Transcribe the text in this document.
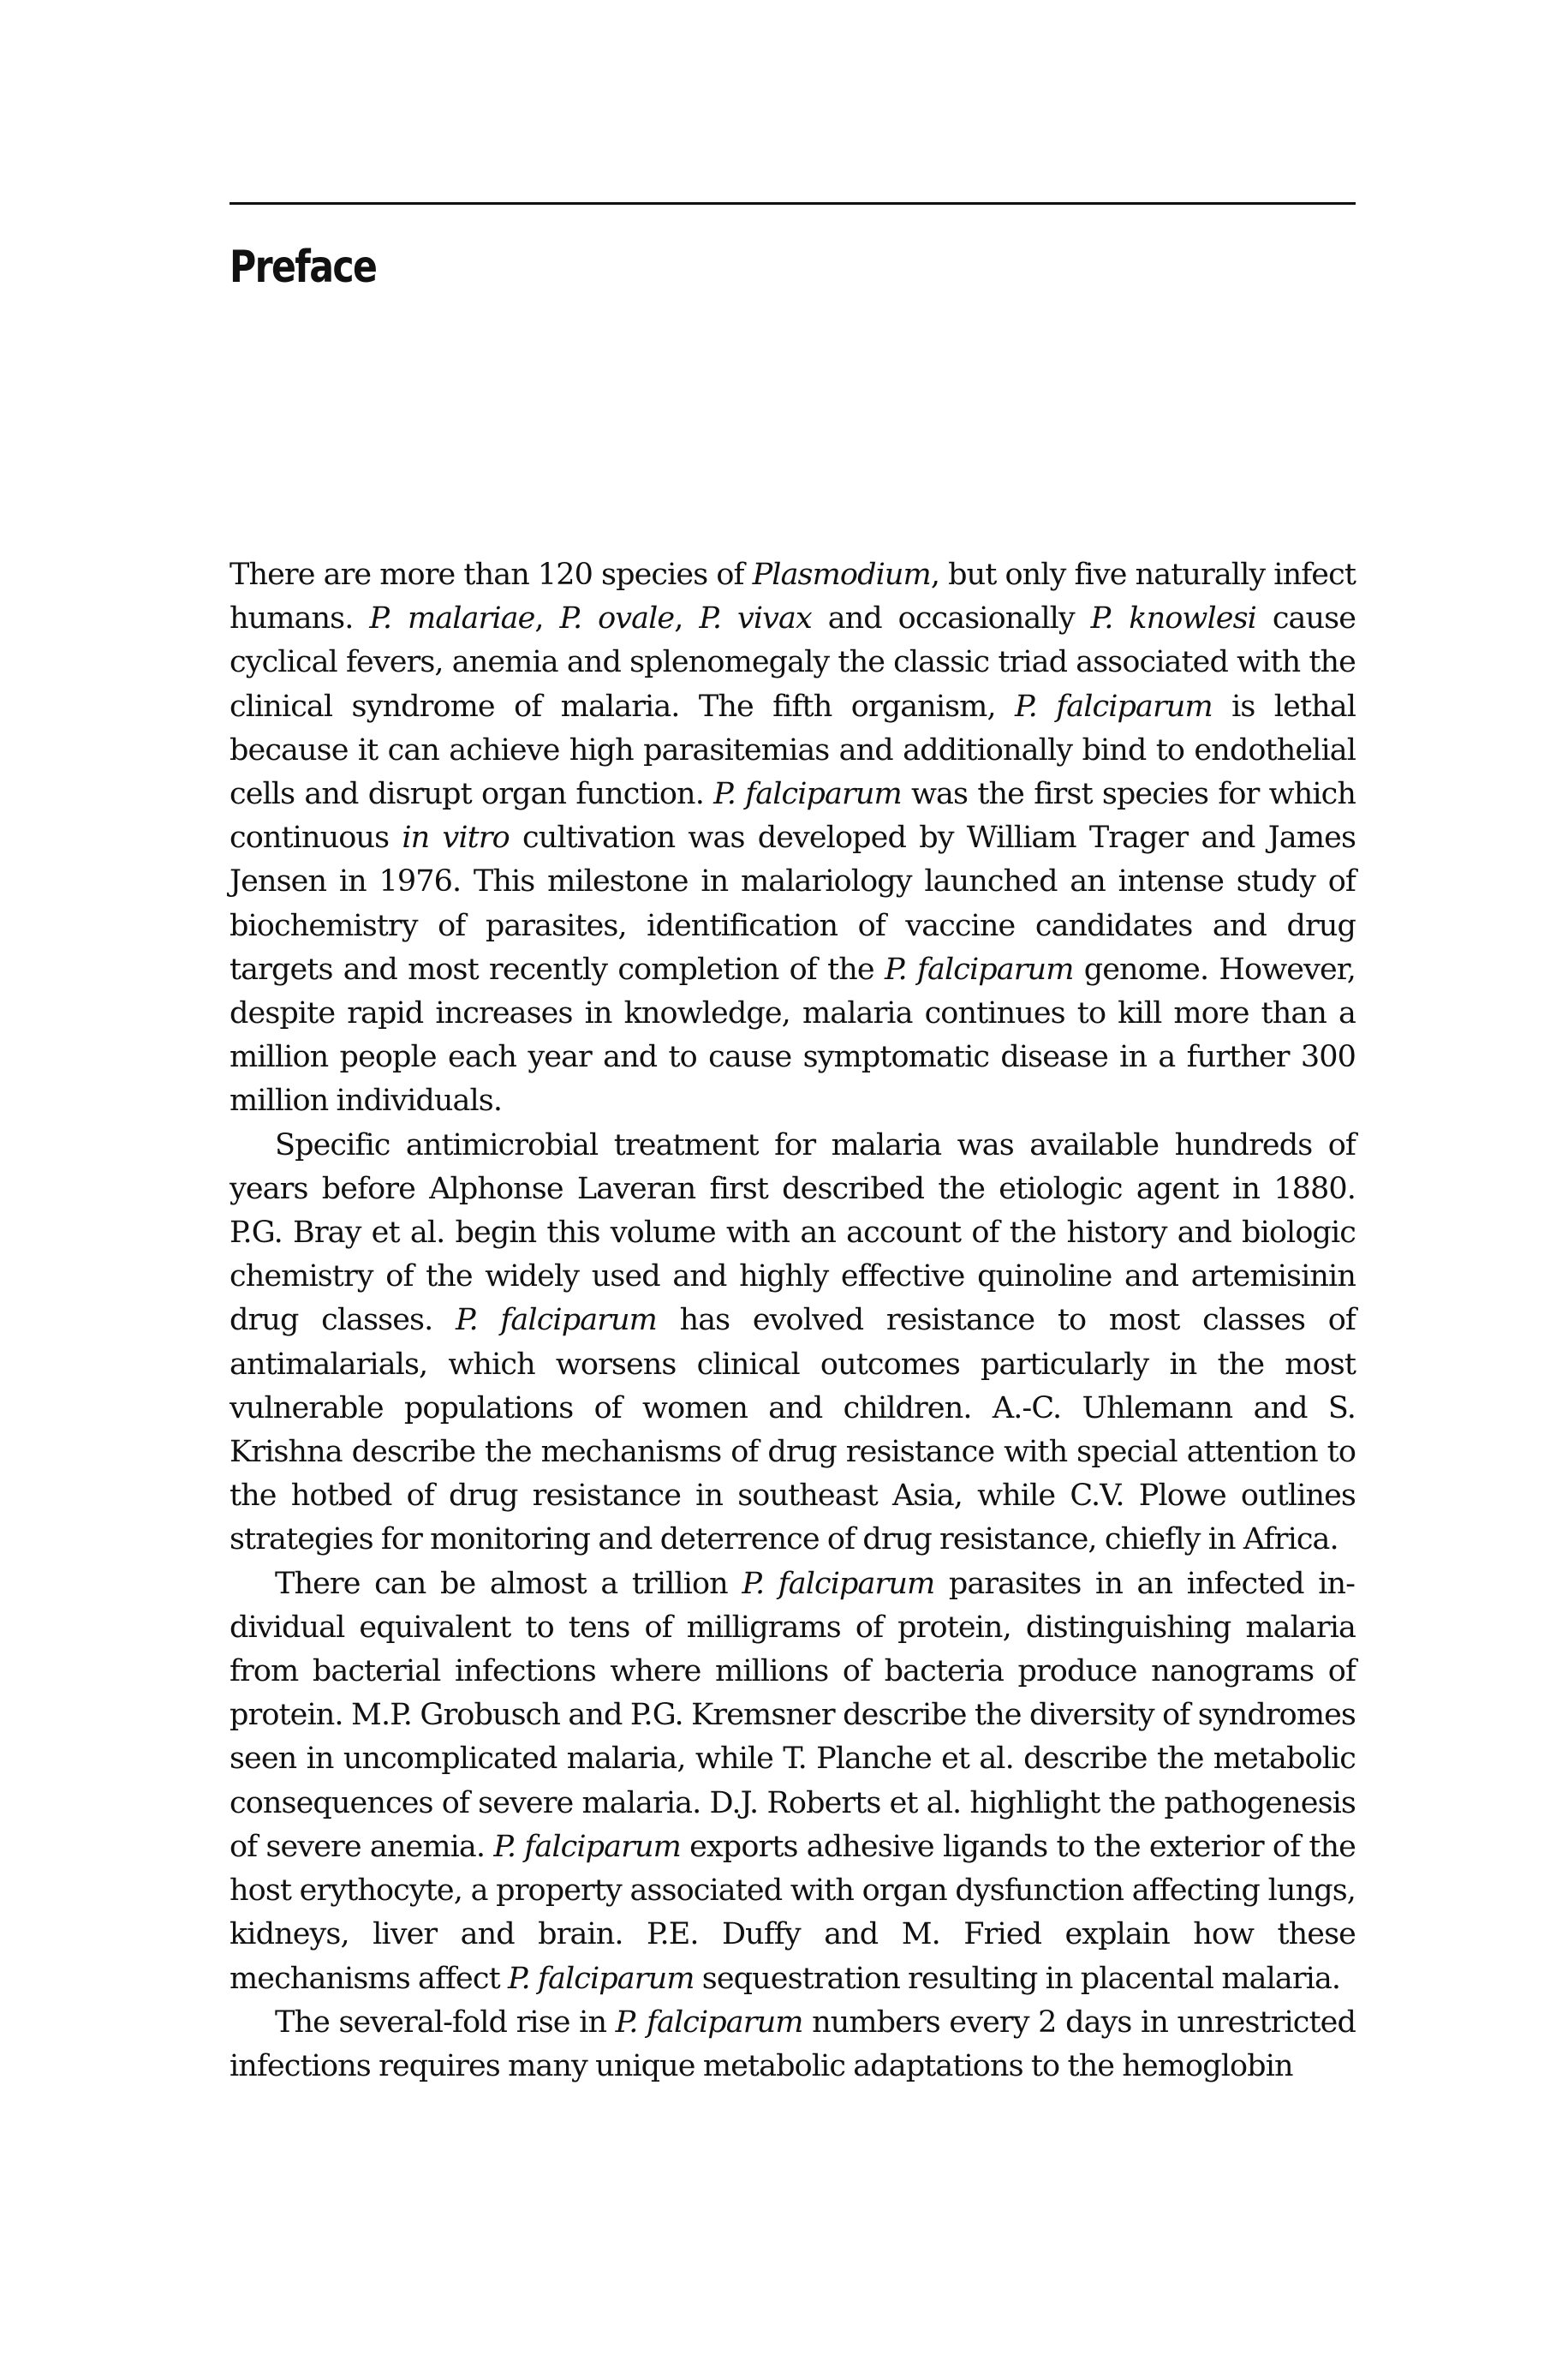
Preface

There are more than 120 species of Plasmodium, but only five naturally infect humans. P. malariae, P. ovale, P. vivax and occasionally P. knowlesi cause cyclical fevers, anemia and splenomegaly the classic triad associated with the clinical syndrome of malaria. The fifth organism, P. falciparum is lethal because it can achieve high parasitemias and additionally bind to endothelial cells and disrupt organ function. P. falciparum was the first species for which continuous in vitro cultivation was developed by William Trager and James Jensen in 1976. This milestone in malariology launched an intense study of biochemistry of parasites, identification of vaccine candidates and drug targets and most recently completion of the P. falciparum genome. However, despite rapid increases in knowledge, malaria continues to kill more than a million people each year and to cause symptomatic disease in a further 300 million individuals.

Specific antimicrobial treatment for malaria was available hundreds of years before Alphonse Laveran first described the etiologic agent in 1880. P.G. Bray et al. begin this volume with an account of the history and biologic chemistry of the widely used and highly effective quinoline and artemisinin drug classes. P. falciparum has evolved resistance to most classes of antimalarials, which worsens clinical outcomes particularly in the most vulnerable populations of women and children. A.-C. Uhlemann and S. Krishna describe the mechanisms of drug resistance with special attention to the hotbed of drug resistance in southeast Asia, while C.V. Plowe outlines strategies for monitoring and deterrence of drug resistance, chiefly in Africa.

There can be almost a trillion P. falciparum parasites in an infected individual equivalent to tens of milligrams of protein, distinguishing malaria from bacterial infections where millions of bacteria produce nanograms of protein. M.P. Grobusch and P.G. Kremsner describe the diversity of syndromes seen in uncomplicated malaria, while T. Planche et al. describe the metabolic consequences of severe malaria. D.J. Roberts et al. highlight the pathogenesis of severe anemia. P. falciparum exports adhesive ligands to the exterior of the host erythocyte, a property associated with organ dysfunction affecting lungs, kidneys, liver and brain. P.E. Duffy and M. Fried explain how these mechanisms affect P. falciparum sequestration resulting in placental malaria.

The several-fold rise in P. falciparum numbers every 2 days in unrestricted infections requires many unique metabolic adaptations to the hemoglobin
